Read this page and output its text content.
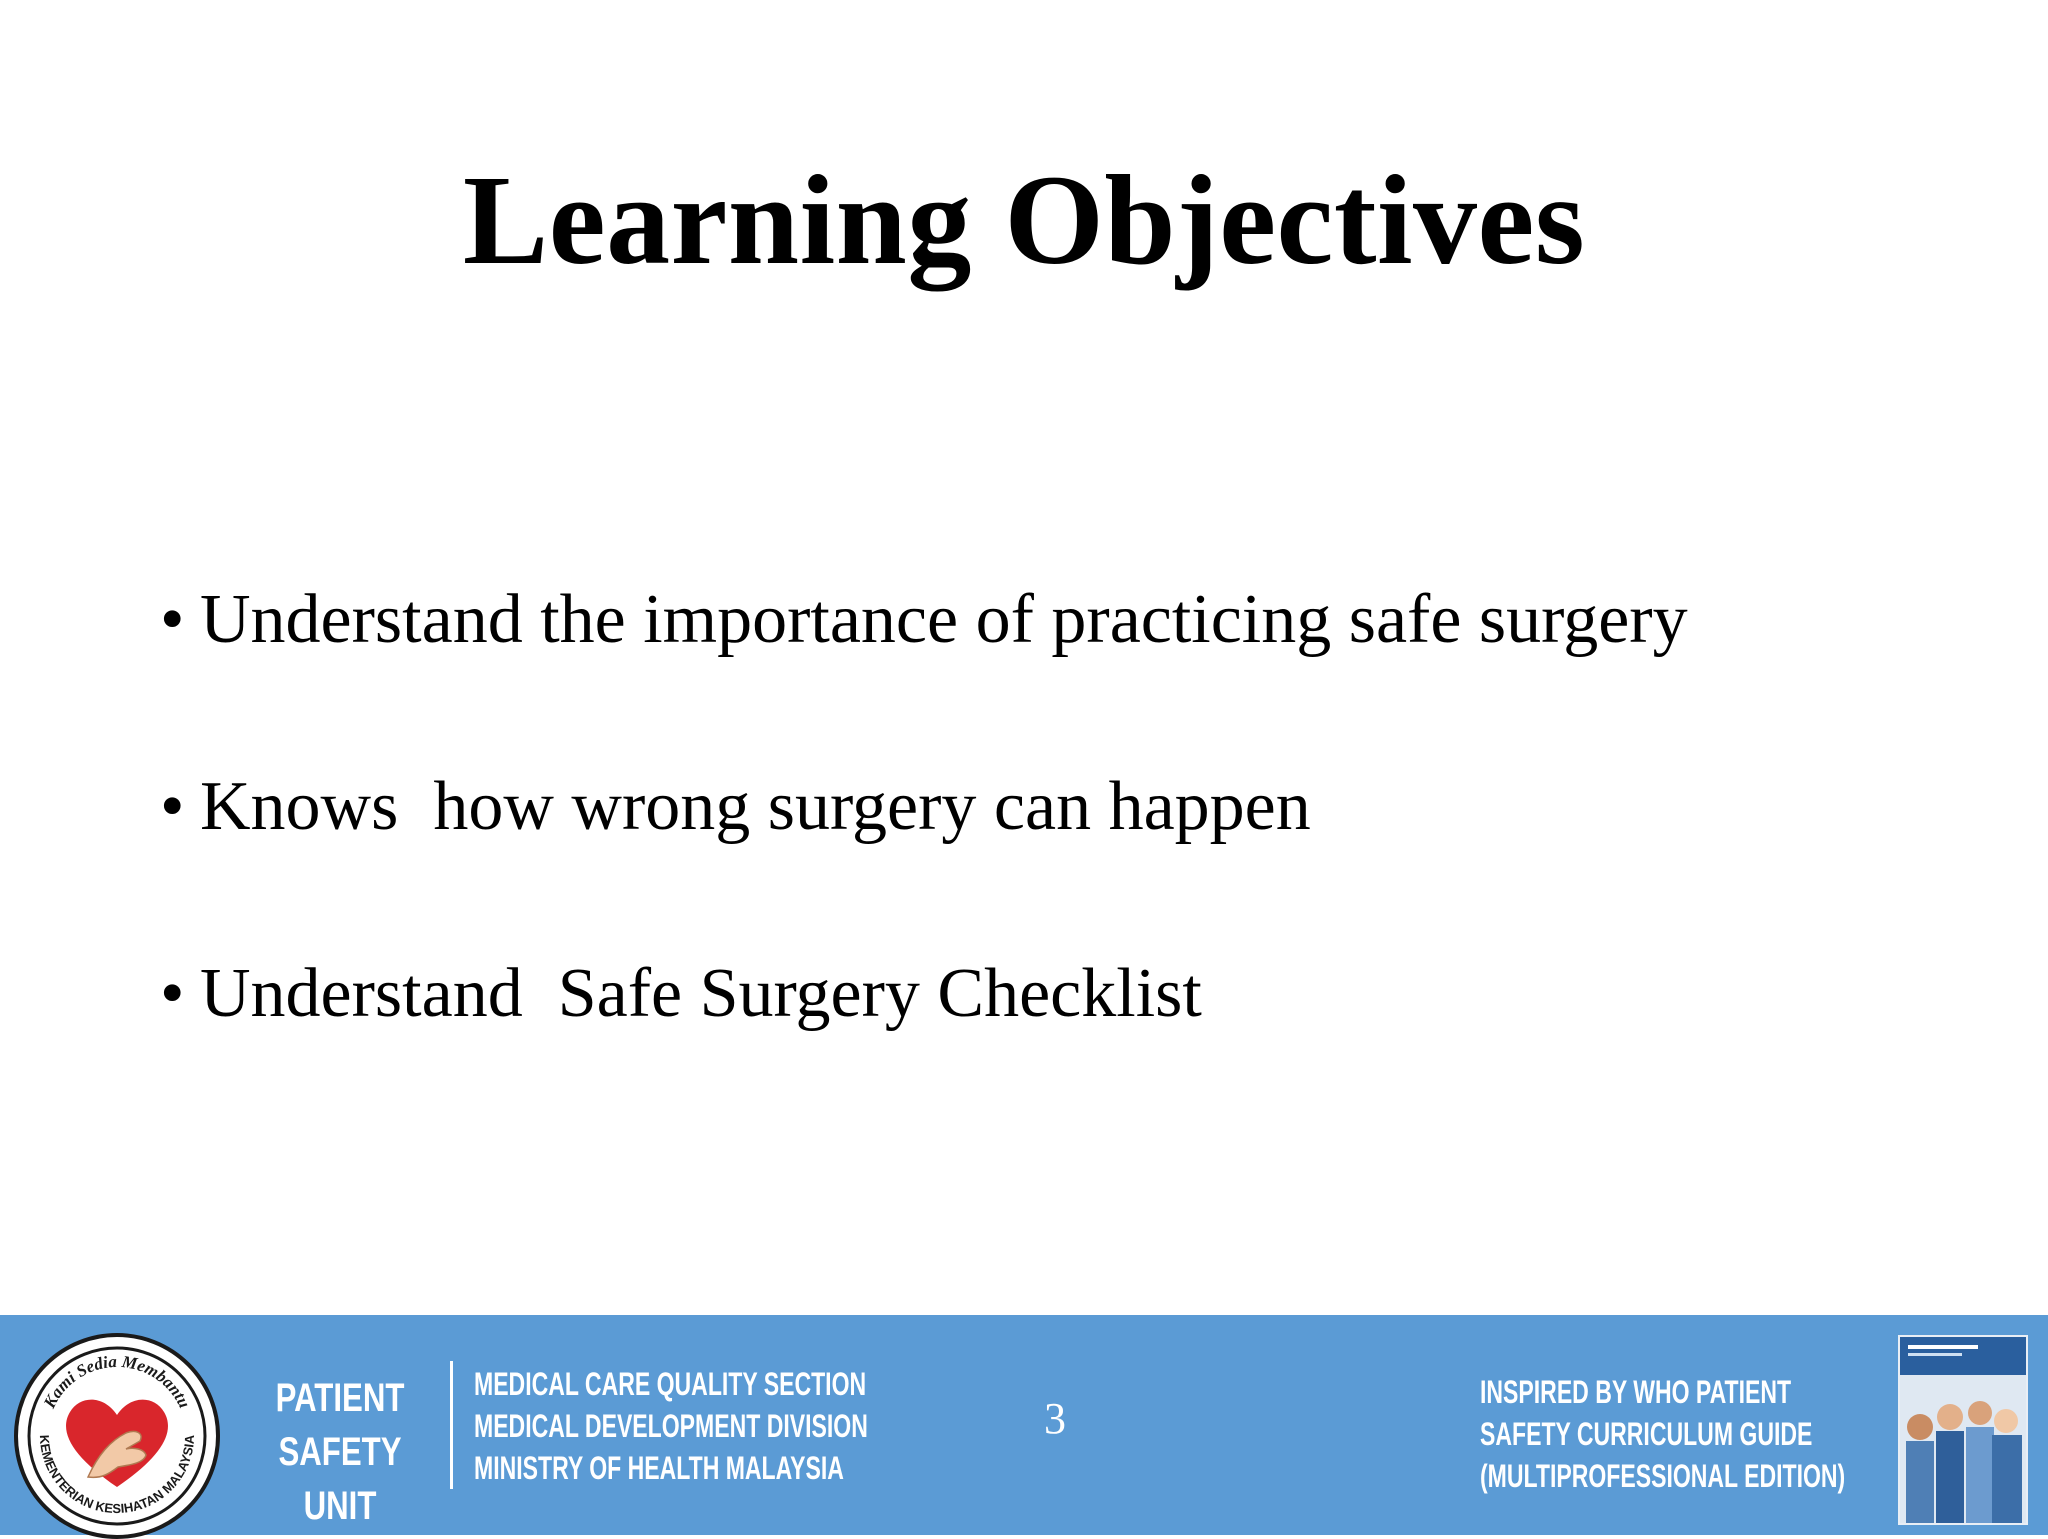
Learning Objectives
• Understand the importance of practicing safe surgery
• Knows  how wrong surgery can happen
• Understand  Safe Surgery Checklist
Kami Sedia Membantu
KEMENTERIAN KESIHATAN MALAYSIA
PATIENT
SAFETY UNIT
MEDICAL CARE QUALITY SECTION
MEDICAL DEVELOPMENT DIVISION
MINISTRY OF HEALTH MALAYSIA
3
INSPIRED BY WHO PATIENT
SAFETY CURRICULUM GUIDE
(MULTIPROFESSIONAL EDITION)
